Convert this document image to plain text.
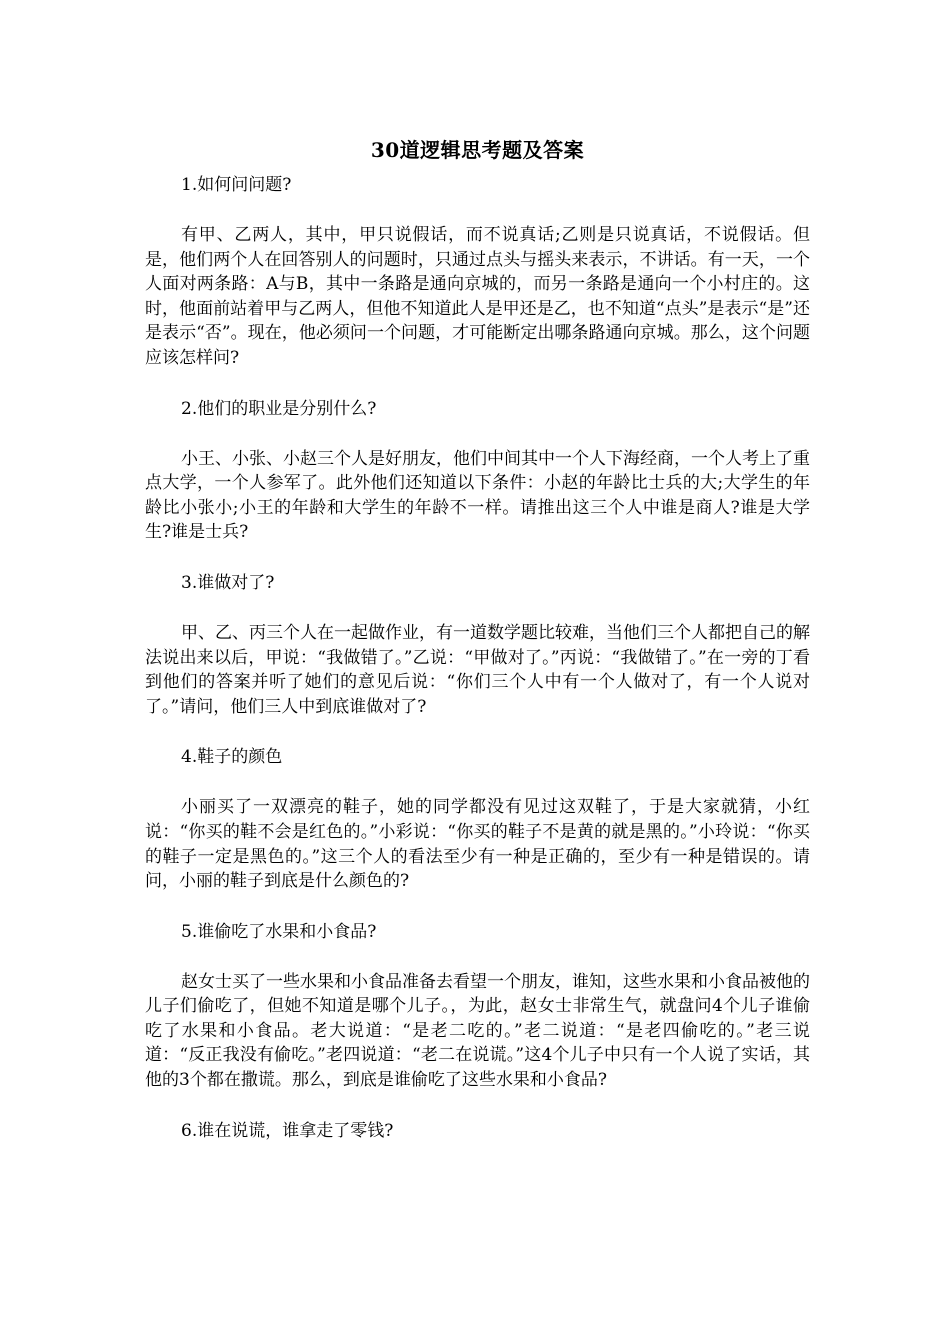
30道逻辑思考题及答案
1.如何问问题?
有甲、乙两人，其中，甲只说假话，而不说真话;乙则是只说真话，不说假话。但是，他们两个人在回答别人的问题时，只通过点头与摇头来表示，不讲话。有一天，一个人面对两条路：A与B，其中一条路是通向京城的，而另一条路是通向一个小村庄的。这时，他面前站着甲与乙两人，但他不知道此人是甲还是乙，也不知道“点头”是表示“是”还是表示“否”。现在，他必须问一个问题，才可能断定出哪条路通向京城。那么，这个问题应该怎样问?
2.他们的职业是分别什么?
小王、小张、小赵三个人是好朋友，他们中间其中一个人下海经商，一个人考上了重点大学，一个人参军了。此外他们还知道以下条件：小赵的年龄比士兵的大;大学生的年龄比小张小;小王的年龄和大学生的年龄不一样。请推出这三个人中谁是商人?谁是大学生?谁是士兵?
3.谁做对了?
甲、乙、丙三个人在一起做作业，有一道数学题比较难，当他们三个人都把自己的解法说出来以后，甲说：“我做错了。”乙说：“甲做对了。”丙说：“我做错了。”在一旁的丁看到他们的答案并听了她们的意见后说：“你们三个人中有一个人做对了，有一个人说对了。”请问，他们三人中到底谁做对了?
4.鞋子的颜色
小丽买了一双漂亮的鞋子，她的同学都没有见过这双鞋了，于是大家就猜，小红说：“你买的鞋不会是红色的。”小彩说：“你买的鞋子不是黄的就是黑的。”小玲说：“你买的鞋子一定是黑色的。”这三个人的看法至少有一种是正确的，至少有一种是错误的。请问，小丽的鞋子到底是什么颜色的?
5.谁偷吃了水果和小食品?
赵女士买了一些水果和小食品准备去看望一个朋友，谁知，这些水果和小食品被他的儿子们偷吃了，但她不知道是哪个儿子。，为此，赵女士非常生气，就盘问4个儿子谁偷吃了水果和小食品。老大说道：“是老二吃的。”老二说道：“是老四偷吃的。”老三说道：“反正我没有偷吃。”老四说道：“老二在说谎。”这4个儿子中只有一个人说了实话，其他的3个都在撒谎。那么，到底是谁偷吃了这些水果和小食品?
6.谁在说谎，谁拿走了零钱?
